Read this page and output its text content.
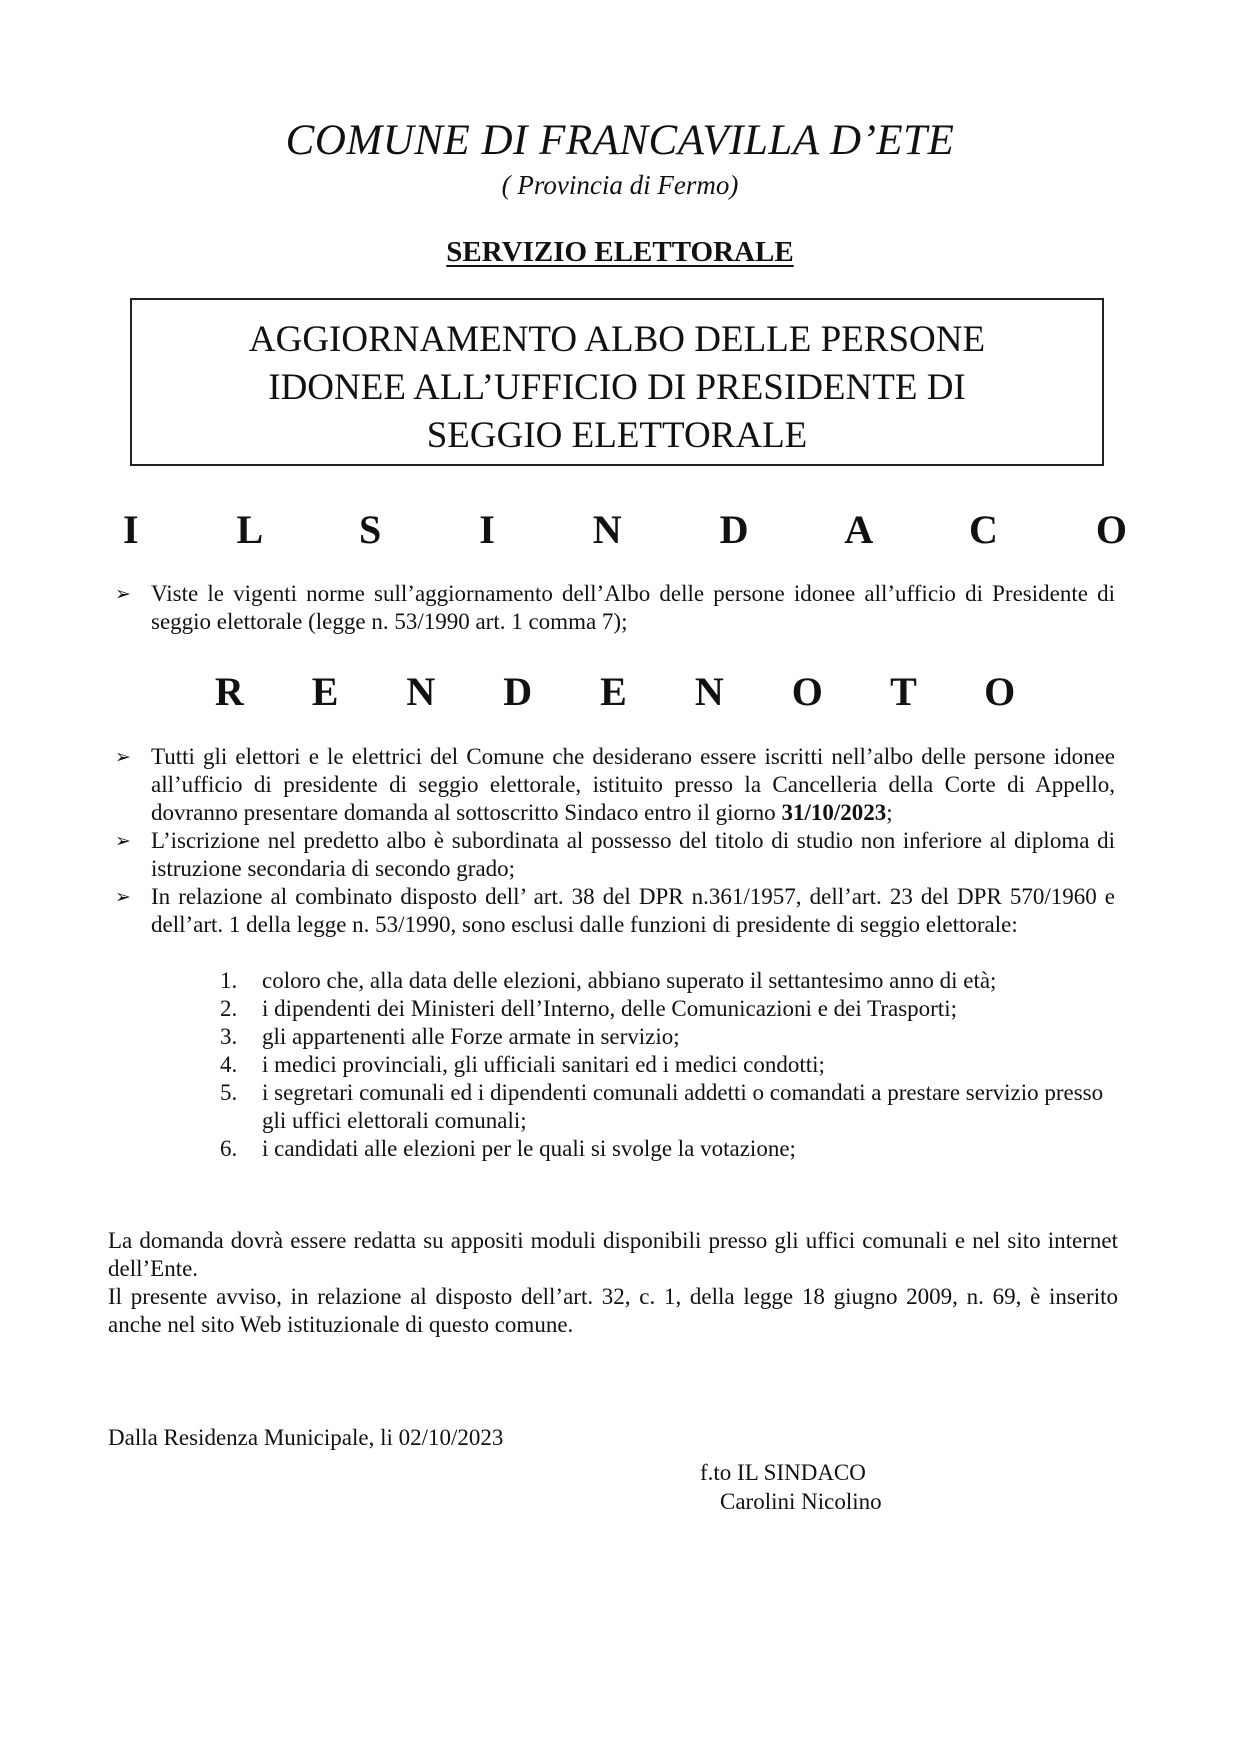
COMUNE DI FRANCAVILLA D’ETE
( Provincia di Fermo)
SERVIZIO ELETTORALE
AGGIORNAMENTO ALBO DELLE PERSONE
IDONEE ALL’UFFICIO DI PRESIDENTE DI
SEGGIO ELETTORALE
I L S I N D A C O
➢ Viste le vigenti norme sull’aggiornamento dell’Albo delle persone idonee all’ufficio di Presidente di seggio elettorale (legge n. 53/1990 art. 1 comma 7);
R E N D E N O T O
➢ Tutti gli elettori e le elettrici del Comune che desiderano essere iscritti nell’albo delle persone idonee all’ufficio di presidente di seggio elettorale, istituito presso la Cancelleria della Corte di Appello, dovranno presentare domanda al sottoscritto Sindaco entro il giorno 31/10/2023;
➢ L’iscrizione nel predetto albo è subordinata al possesso del titolo di studio non inferiore al diploma di istruzione secondaria di secondo grado;
➢ In relazione al combinato disposto dell’ art. 38 del DPR n.361/1957, dell’art. 23 del DPR 570/1960 e dell’art. 1 della legge n. 53/1990, sono esclusi dalle funzioni di presidente di seggio elettorale:
1. coloro che, alla data delle elezioni, abbiano superato il settantesimo anno di età;
2. i dipendenti dei Ministeri dell’Interno, delle Comunicazioni e dei Trasporti;
3. gli appartenenti alle Forze armate in servizio;
4. i medici provinciali, gli ufficiali sanitari ed i medici condotti;
5. i segretari comunali ed i dipendenti comunali addetti o comandati a prestare servizio presso gli uffici elettorali comunali;
6. i candidati alle elezioni per le quali si svolge la votazione;
La domanda dovrà essere redatta su appositi moduli disponibili presso gli uffici comunali e nel sito internet dell’Ente.
Il presente avviso, in relazione al disposto dell’art. 32, c. 1, della legge 18 giugno 2009, n. 69, è inserito anche nel sito Web istituzionale di questo comune.
Dalla Residenza Municipale, li 02/10/2023
f.to IL SINDACO
Carolini Nicolino
